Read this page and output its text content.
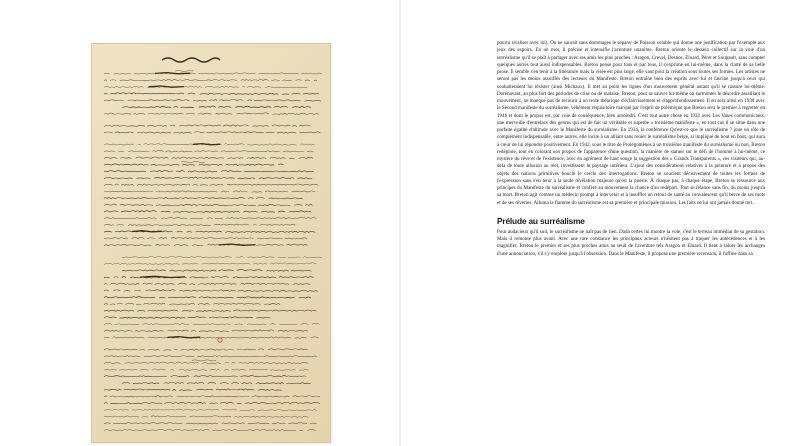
pourra rivaliser avec lui). On ne saurait sans dommages le séparer de Poisson soluble qui donne une justification par l'exemple aux jeux des espoirs. En un mot, il précise et intensifie l'aventure unanime. Breton oriente le dessein collectif sur la voie d'un surréalisme qu'il se plaît à partager avec ses amis les plus proches : Aragon, Crevel, Desnos, Eluard, Péret et Soupault, sans compter quelques autres tout aussi indispensables. Breton pense pour tous et par tous, il s'exprime en lui-même, dans la clarté de sa belle prose. Il semble s'en tenir à la littérature mais la visée est plus large, elle vaut pour la création sous toutes ses formes. Les artistes ne seront pas les moins assoiffés des lecteurs du Manifeste. Breton entraîne bien des esprits avec lui et fascine jusqu'à ceux qui souhaiteraient lui résister (ainsi Michaux). Il met au point les lignes d'un mouvement général autant qu'il se rassure lui-même. Dorénavant, au plus fort des périodes de crise ou de malaise, Breton, pour se sauver lui-même ou surmonter le désordre assaillant le mouvement, ne manque pas de recourir à un texte théorique d'éclaircissement et d'approfondissement. Il en sera ainsi en 1930 avec le Second manifeste du surréalisme, véhément réquisitoire marqué par l'esprit de polémique que Breton sera le premier à regretter en 1946 et dont le propos est, par voie de conséquence, bien amoindri. C'est tout autre chose en 1932 avec Les Vases communicants, une merveille d'entrelacs des genres qui est de fait un véritable et superbe « troisième manifeste », en tout cas il se situe dans une parfaite égalité d'altitude avec le Manifeste du surréalisme. En 1934, la conférence Qu'est-ce que le surréalisme ? joue un rôle de complément indispensable, entre autres, elle incite à un alliant sans renier le surréalisme belge, si impliqué de bout en bout, qui aura à cœur de lui répondre positivement. En 1942, sous le titre de Prolégomènes à un troisième manifeste du surréalisme ou non, Breton redéploie, tout en colorant son propos de l'apparence d'une question, la manière de statuer sur le défi de l'homme à lui-même, ce mystère du rêve et de l'existence, avec en agrément de haut songe la suggestion des « Grands Transparents », ces visiteurs qui, au-delà de toute allusion au réel, investissent le paysage intérieur. L'ajout des considérations relatives à la peinture et à propos des objets des nations primitives bouclé le cercle des interrogations. Breton se soucient décisivement de toutes les formes de l'expression sans s'en tenir à la seule révélation majeure qu'est la poésie. À chaque pas, à chaque étape, Breton se ressource aux principes du Manifeste du surréalisme et confère au mouvement la chance d'un redépart. Tout se relance sans fin, du moins jusqu'à sa mort. Breton agit comme un médecin prompt à intervenir et à insuffler un retour de santé au convalescent qu'il berce de ses mots et de ses rêveries. Alluma la flamme du surréalisme est sa première et principale mission. Les faits ne lui ont jamais donné tort.

Prélude au surréalisme

Pour audacieux qu'il soit, le surréalisme ne naît pas de rien. Dada certes lui montre la voie, c'est le terreau immédiat de sa gestation. Mais il remonte plus avant. Avec une rare constance les principaux acteurs n'hésitent pas à traquer les antécédences et à les magnifier, Breton le premier et ses plus proches amis au seuil de l'aventure tels Aragon et Eluard. Il tient à saluer les archanges d'une annonciation, s'il s'y emploie jusqu'à l'obsession. Dans le Manifeste, il propose une première recension, il l'affine dans sa
